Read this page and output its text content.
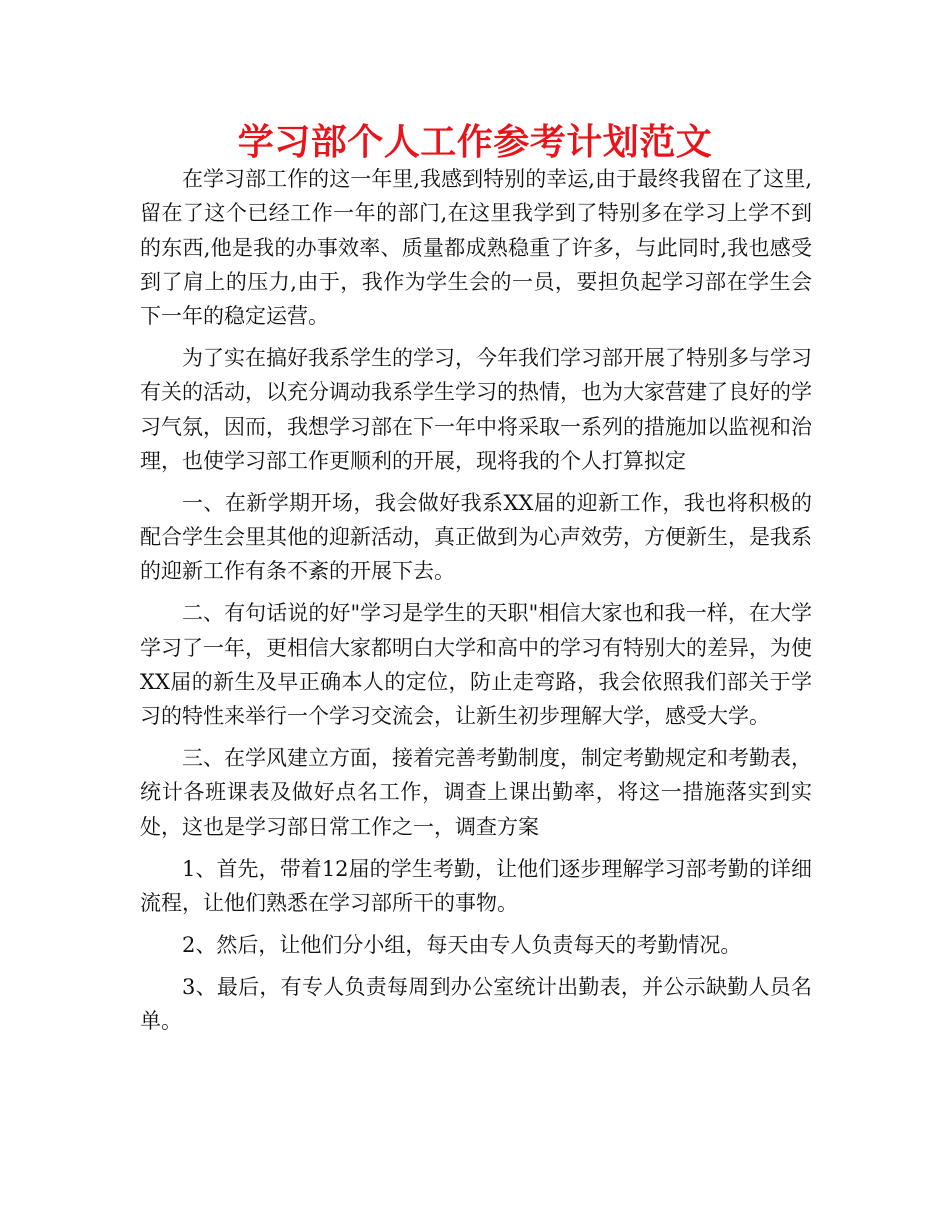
学习部个人工作参考计划范文

在学习部工作的这一年里,我感到特别的幸运,由于最终我留在了这里,留在了这个已经工作一年的部门,在这里我学到了特别多在学习上学不到的东西,他是我的办事效率、质量都成熟稳重了许多，与此同时,我也感受到了肩上的压力,由于，我作为学生会的一员，要担负起学习部在学生会下一年的稳定运营。

为了实在搞好我系学生的学习，今年我们学习部开展了特别多与学习有关的活动，以充分调动我系学生学习的热情，也为大家营建了良好的学习气氛，因而，我想学习部在下一年中将采取一系列的措施加以监视和治理，也使学习部工作更顺利的开展，现将我的个人打算拟定

一、在新学期开场，我会做好我系XX届的迎新工作，我也将积极的配合学生会里其他的迎新活动，真正做到为心声效劳，方便新生，是我系的迎新工作有条不紊的开展下去。

二、有句话说的好"学习是学生的天职"相信大家也和我一样，在大学学习了一年，更相信大家都明白大学和高中的学习有特别大的差异，为使XX届的新生及早正确本人的定位，防止走弯路，我会依照我们部关于学习的特性来举行一个学习交流会，让新生初步理解大学，感受大学。

三、在学风建立方面，接着完善考勤制度，制定考勤规定和考勤表，统计各班课表及做好点名工作，调查上课出勤率，将这一措施落实到实处，这也是学习部日常工作之一，调查方案

1、首先，带着12届的学生考勤，让他们逐步理解学习部考勤的详细流程，让他们熟悉在学习部所干的事物。

2、然后，让他们分小组，每天由专人负责每天的考勤情况。

3、最后，有专人负责每周到办公室统计出勤表，并公示缺勤人员名单。
